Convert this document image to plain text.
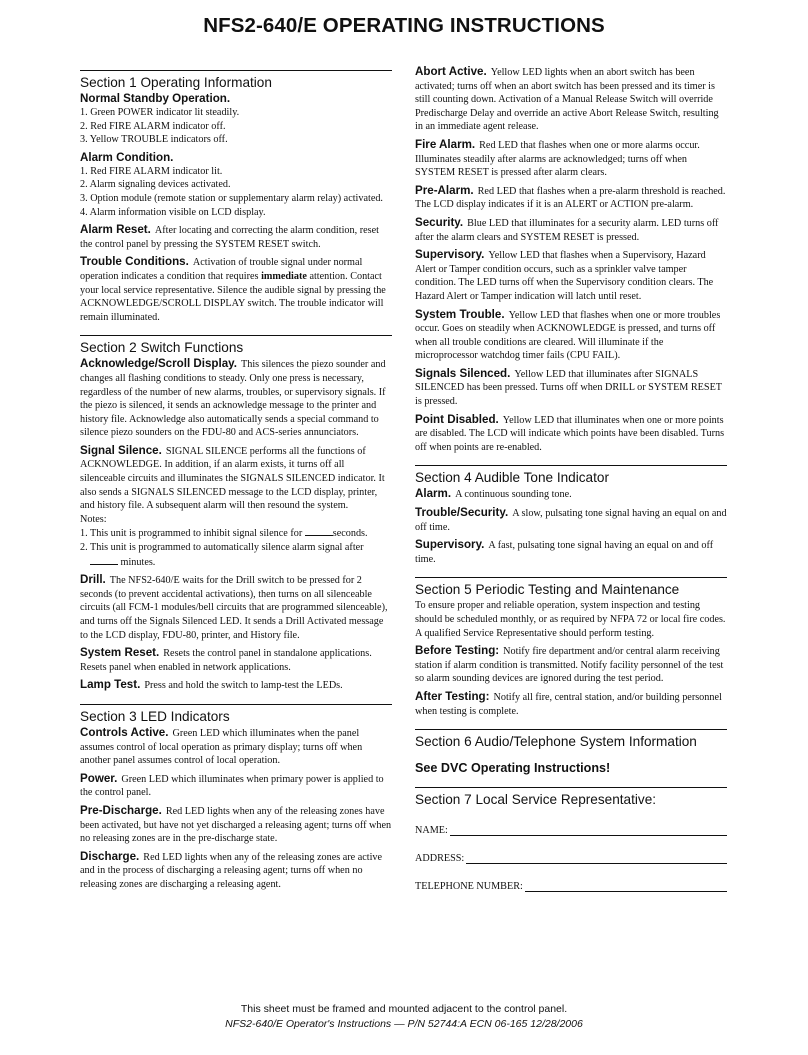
NFS2-640/E OPERATING INSTRUCTIONS
Section 1 Operating Information
Normal Standby Operation.
1. Green POWER indicator lit steadily.
2. Red FIRE ALARM indicator off.
3. Yellow TROUBLE indicators off.
Alarm Condition.
1. Red FIRE ALARM indicator lit.
2. Alarm signaling devices activated.
3. Option module (remote station or supplementary alarm relay) activated.
4. Alarm information visible on LCD display.
Alarm Reset. After locating and correcting the alarm condition, reset the control panel by pressing the SYSTEM RESET switch.
Trouble Conditions. Activation of trouble signal under normal operation indicates a condition that requires immediate attention. Contact your local service representative. Silence the audible signal by pressing the ACKNOWLEDGE/SCROLL DISPLAY switch. The trouble indicator will remain illuminated.
Section 2 Switch Functions
Acknowledge/Scroll Display. This silences the piezo sounder and changes all flashing conditions to steady. Only one press is necessary, regardless of the number of new alarms, troubles, or supervisory signals. If the piezo is silenced, it sends an acknowledge message to the printer and history file. Acknowledge also automatically sends a special command to silence piezo sounders on the FDU-80 and ACS-series annunciators.
Signal Silence. SIGNAL SILENCE performs all the functions of ACKNOWLEDGE. In addition, if an alarm exists, it turns off all silenceable circuits and illuminates the SIGNALS SILENCED indicator. It also sends a SIGNALS SILENCED message to the LCD display, printer, and history file. A subsequent alarm will then resound the system.
Notes:
1. This unit is programmed to inhibit signal silence for	seconds.
2. This unit is programmed to automatically silence alarm signal after  minutes.
Drill. The NFS2-640/E waits for the Drill switch to be pressed for 2 seconds (to prevent accidental activations), then turns on all silenceable circuits (all FCM-1 modules/bell circuits that are programmed silenceable), and turns off the Signals Silenced LED. It sends a Drill Activated message to the LCD display, FDU-80, printer, and History file.
System Reset. Resets the control panel in standalone applications. Resets panel when enabled in network applications.
Lamp Test. Press and hold the switch to lamp-test the LEDs.
Section 3 LED Indicators
Controls Active. Green LED which illuminates when the panel assumes control of local operation as primary display; turns off when another panel assumes control of local operation.
Power. Green LED which illuminates when primary power is applied to the control panel.
Pre-Discharge. Red LED lights when any of the releasing zones have been activated, but have not yet discharged a releasing agent; turns off when no releasing zones are in the pre-discharge state.
Discharge. Red LED lights when any of the releasing zones are active and in the process of discharging a releasing agent; turns off when no releasing zones are discharging a releasing agent.
Abort Active. Yellow LED lights when an abort switch has been activated; turns off when an abort switch has been pressed and its timer is still counting down. Activation of a Manual Release Switch will override Predischarge Delay and override an active Abort Release Switch, resulting in an immediate agent release.
Fire Alarm. Red LED that flashes when one or more alarms occur. Illuminates steadily after alarms are acknowledged; turns off when SYSTEM RESET is pressed after alarm clears.
Pre-Alarm. Red LED that flashes when a pre-alarm threshold is reached. The LCD display indicates if it is an ALERT or ACTION pre-alarm.
Security. Blue LED that illuminates for a security alarm. LED turns off after the alarm clears and SYSTEM RESET is pressed.
Supervisory. Yellow LED that flashes when a Supervisory, Hazard Alert or Tamper condition occurs, such as a sprinkler valve tamper condition. The LED turns off when the Supervisory condition clears. The Hazard Alert or Tamper indication will latch until reset.
System Trouble. Yellow LED that flashes when one or more troubles occur. Goes on steadily when ACKNOWLEDGE is pressed, and turns off when all trouble conditions are cleared. Will illuminate if the microprocessor watchdog timer fails (CPU FAIL).
Signals Silenced. Yellow LED that illuminates after SIGNALS SILENCED has been pressed. Turns off when DRILL or SYSTEM RESET is pressed.
Point Disabled. Yellow LED that illuminates when one or more points are disabled. The LCD will indicate which points have been disabled. Turns off when points are re-enabled.
Section 4 Audible Tone Indicator
Alarm. A continuous sounding tone.
Trouble/Security. A slow, pulsating tone signal having an equal on and off time.
Supervisory. A fast, pulsating tone signal having an equal on and off time.
Section 5 Periodic Testing and Maintenance
To ensure proper and reliable operation, system inspection and testing should be scheduled monthly, or as required by NFPA 72 or local fire codes. A qualified Service Representative should perform testing.
Before Testing: Notify fire department and/or central alarm receiving station if alarm condition is transmitted. Notify facility personnel of the test so alarm sounding devices are ignored during the test period.
After Testing: Notify all fire, central station, and/or building personnel when testing is complete.
Section 6 Audio/Telephone System Information
See DVC Operating Instructions!
Section 7 Local Service Representative:
NAME:
ADDRESS:
TELEPHONE NUMBER:
This sheet must be framed and mounted adjacent to the control panel.
NFS2-640/E Operator's Instructions — P/N 52744:A ECN 06-165 12/28/2006
